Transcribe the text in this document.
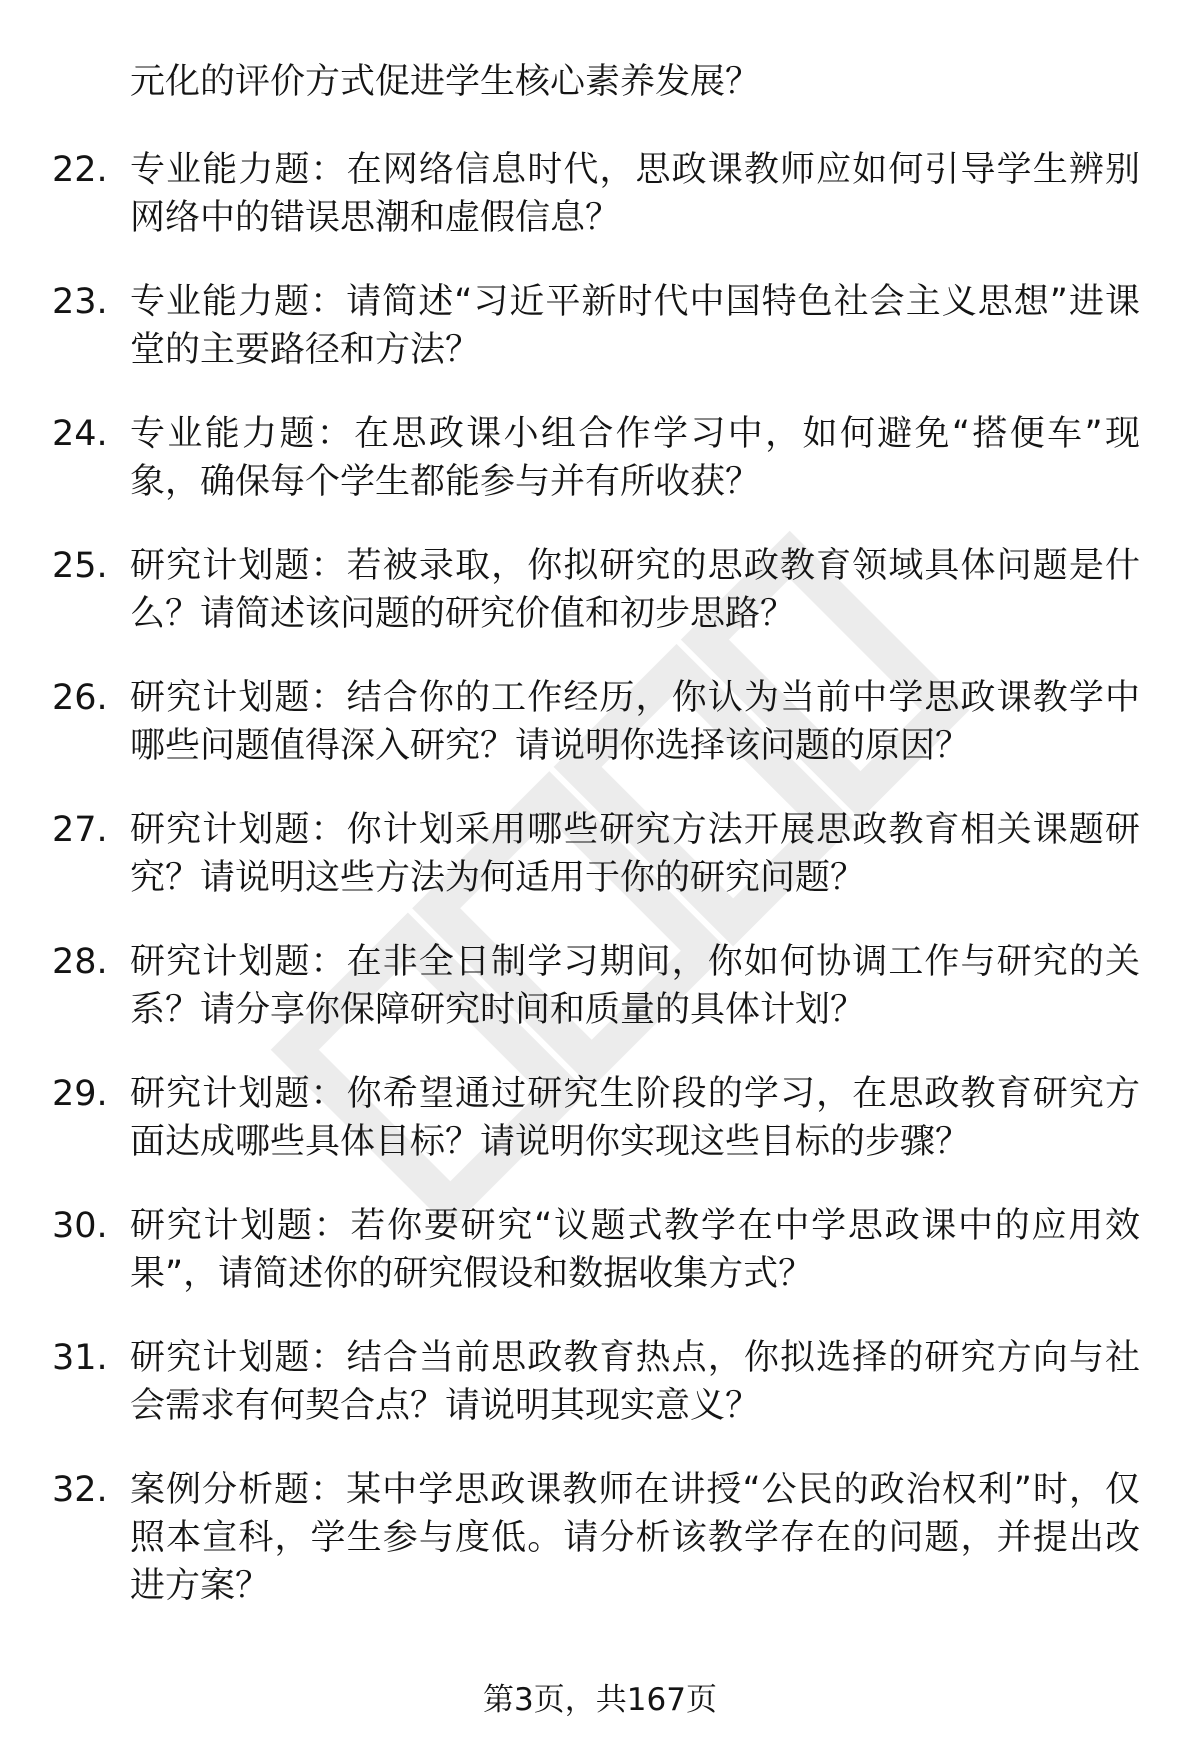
元化的评价方式促进学生核心素养发展？
22. 专业能力题：在网络信息时代，思政课教师应如何引导学生辨别网络中的错误思潮和虚假信息？
23. 专业能力题：请简述“习近平新时代中国特色社会主义思想”进课堂的主要路径和方法？
24. 专业能力题：在思政课小组合作学习中，如何避免“搭便车”现象，确保每个学生都能参与并有所收获？
25. 研究计划题：若被录取，你拟研究的思政教育领域具体问题是什么？请简述该问题的研究价值和初步思路？
26. 研究计划题：结合你的工作经历，你认为当前中学思政课教学中哪些问题值得深入研究？请说明你选择该问题的原因？
27. 研究计划题：你计划采用哪些研究方法开展思政教育相关课题研究？请说明这些方法为何适用于你的研究问题？
28. 研究计划题：在非全日制学习期间，你如何协调工作与研究的关系？请分享你保障研究时间和质量的具体计划？
29. 研究计划题：你希望通过研究生阶段的学习，在思政教育研究方面达成哪些具体目标？请说明你实现这些目标的步骤？
30. 研究计划题：若你要研究“议题式教学在中学思政课中的应用效果”，请简述你的研究假设和数据收集方式？
31. 研究计划题：结合当前思政教育热点，你拟选择的研究方向与社会需求有何契合点？请说明其现实意义？
32. 案例分析题：某中学思政课教师在讲授“公民的政治权利”时，仅照本宣科，学生参与度低。请分析该教学存在的问题，并提出改进方案？
第3页，共167页
